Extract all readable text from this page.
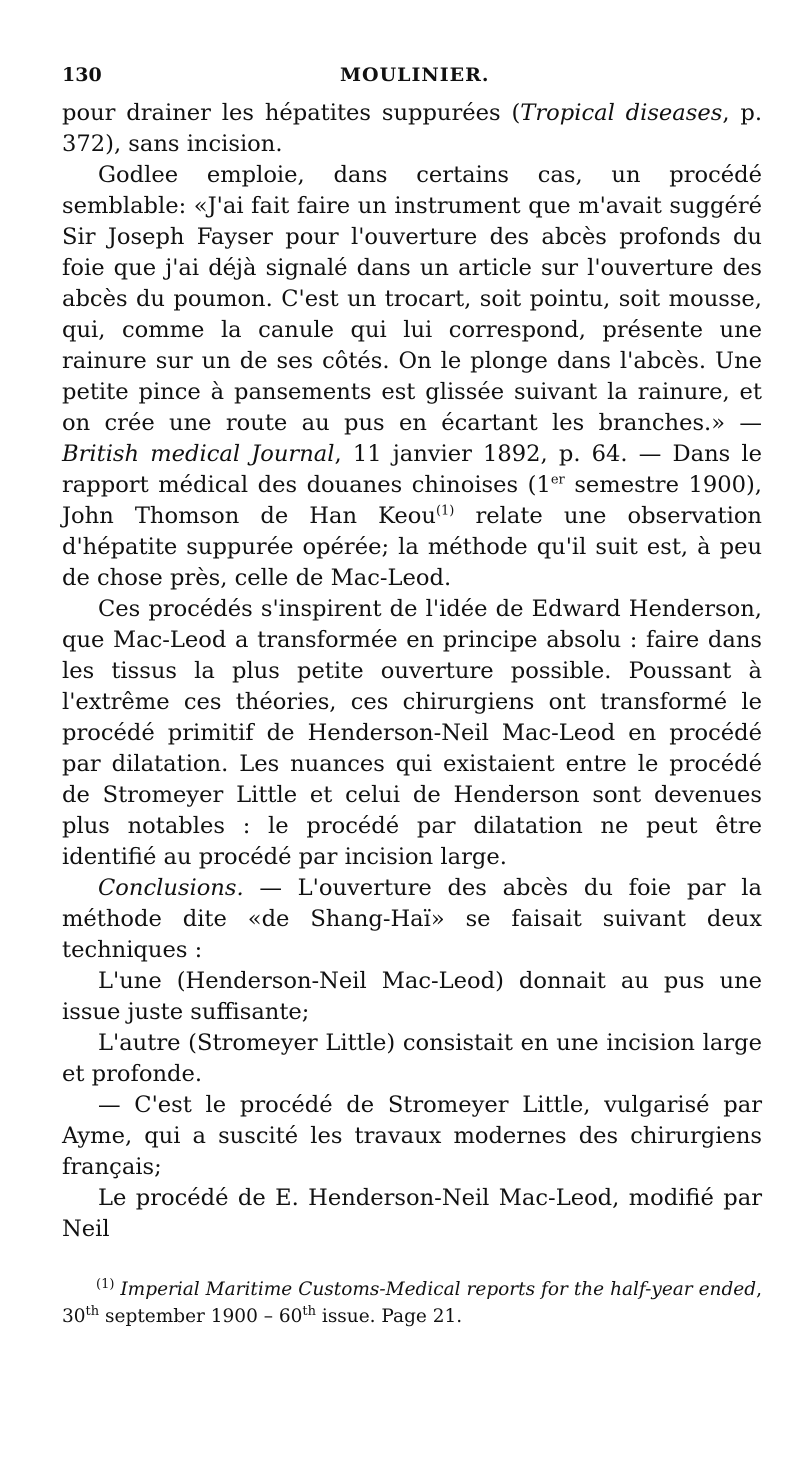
130	MOULINIER.

pour drainer les hépatites suppurées (Tropical diseases, p. 372), sans incision.

Godlee emploie, dans certains cas, un procédé semblable: «J'ai fait faire un instrument que m'avait suggéré Sir Joseph Fayser pour l'ouverture des abcès profonds du foie que j'ai déjà signalé dans un article sur l'ouverture des abcès du poumon. C'est un trocart, soit pointu, soit mousse, qui, comme la canule qui lui correspond, présente une rainure sur un de ses côtés. On le plonge dans l'abcès. Une petite pince à pansements est glissée suivant la rainure, et on crée une route au pus en écartant les branches.» — British medical Journal, 11 janvier 1892, p. 64. — Dans le rapport médical des douanes chinoises (1er semestre 1900), John Thomson de Han Keou$^{(1)}$ relate une observation d'hépatite suppurée opérée; la méthode qu'il suit est, à peu de chose près, celle de Mac-Leod.

Ces procédés s'inspirent de l'idée de Edward Henderson, que Mac-Leod a transformée en principe absolu : faire dans les tissus la plus petite ouverture possible. Poussant à l'extrême ces théories, ces chirurgiens ont transformé le procédé primitif de Henderson-Neil Mac-Leod en procédé par dilatation. Les nuances qui existaient entre le procédé de Stromeyer Little et celui de Henderson sont devenues plus notables : le procédé par dilatation ne peut être identifié au procédé par incision large.

Conclusions. — L'ouverture des abcès du foie par la méthode dite «de Shang-Haï» se faisait suivant deux techniques :

L'une (Henderson-Neil Mac-Leod) donnait au pus une issue juste suffisante;

L'autre (Stromeyer Little) consistait en une incision large et profonde.

— C'est le procédé de Stromeyer Little, vulgarisé par Ayme, qui a suscité les travaux modernes des chirurgiens français;

Le procédé de E. Henderson-Neil Mac-Leod, modifié par Neil

$^{(1)}$ Imperial Maritime Customs-Medical reports for the half-year ended, 30th september 1900 – 60th issue. Page 21.
